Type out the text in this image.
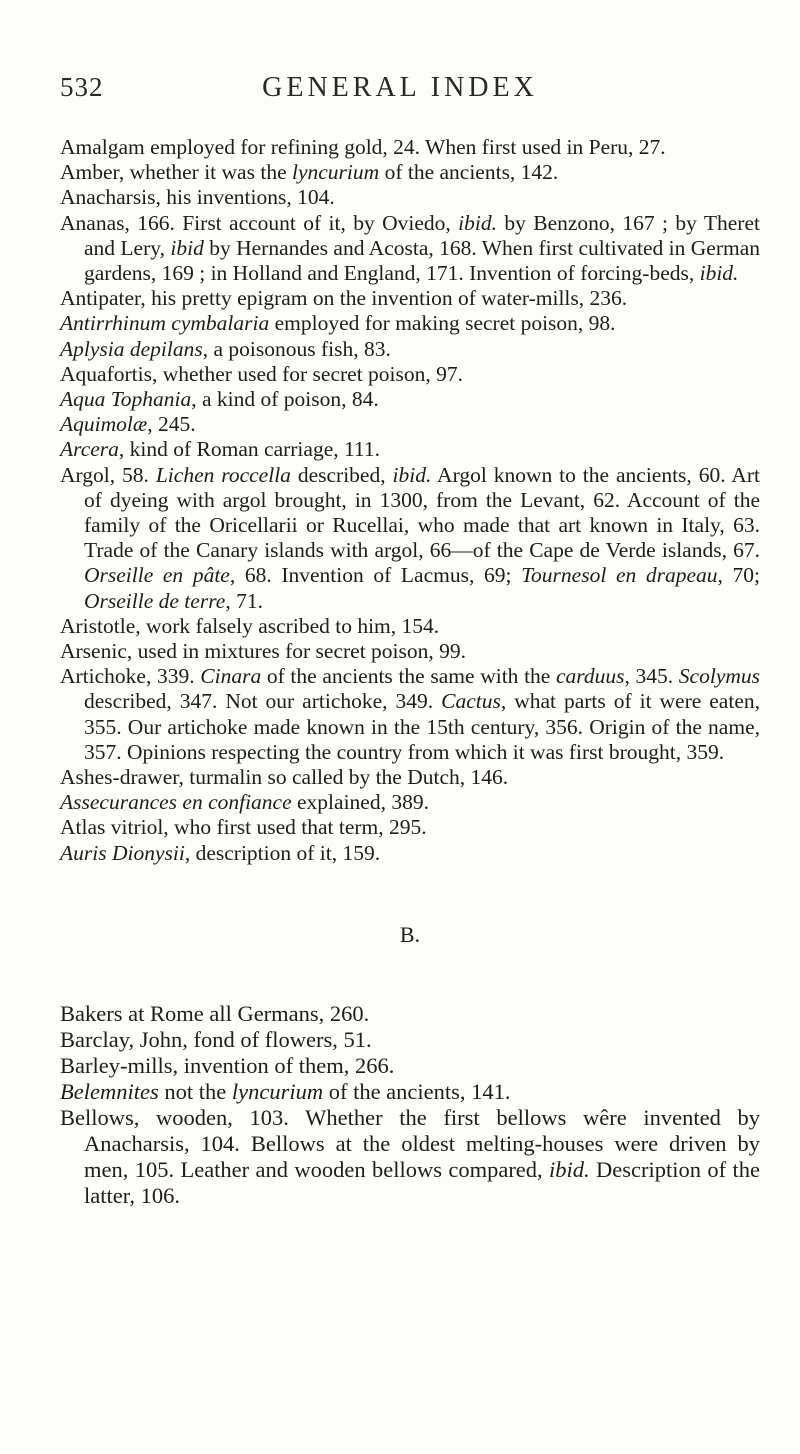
532	GENERAL INDEX

Amalgam employed for refining gold, 24. When first used in Peru, 27.

Amber, whether it was the lyncurium of the ancients, 142.

Anacharsis, his inventions, 104.

Ananas, 166. First account of it, by Oviedo, ibid. by Benzono, 167 ; by Theret and Lery, ibid by Hernandes and Acosta, 168. When first cultivated in German gardens, 169 ; in Holland and England, 171. Invention of forcing-beds, ibid.

Antipater, his pretty epigram on the invention of water-mills, 236.

Antirrhinum cymbalaria employed for making secret poison, 98.

Aplysia depilans, a poisonous fish, 83.

Aquafortis, whether used for secret poison, 97.

Aqua Tophania, a kind of poison, 84.

Aquimolæ, 245.

Arcera, kind of Roman carriage, 111.

Argol, 58. Lichen roccella described, ibid. Argol known to the ancients, 60. Art of dyeing with argol brought, in 1300, from the Levant, 62. Account of the family of the Oricellarii or Rucellai, who made that art known in Italy, 63. Trade of the Canary islands with argol, 66—of the Cape de Verde islands, 67. Orseille en pâte, 68. Invention of Lacmus, 69; Tournesol en drapeau, 70; Orseille de terre, 71.

Aristotle, work falsely ascribed to him, 154.

Arsenic, used in mixtures for secret poison, 99.

Artichoke, 339. Cinara of the ancients the same with the carduus, 345. Scolymus described, 347. Not our artichoke, 349. Cactus, what parts of it were eaten, 355. Our artichoke made known in the 15th century, 356. Origin of the name, 357. Opinions respecting the country from which it was first brought, 359.

Ashes-drawer, turmalin so called by the Dutch, 146.

Assecurances en confiance explained, 389.

Atlas vitriol, who first used that term, 295.

Auris Dionysii, description of it, 159.

B.

Bakers at Rome all Germans, 260.

Barclay, John, fond of flowers, 51.

Barley-mills, invention of them, 266.

Belemnites not the lyncurium of the ancients, 141.

Bellows, wooden, 103. Whether the first bellows wêre invented by Anacharsis, 104. Bellows at the oldest melting-houses were driven by men, 105. Leather and wooden bellows compared, ibid. Description of the latter, 106.
